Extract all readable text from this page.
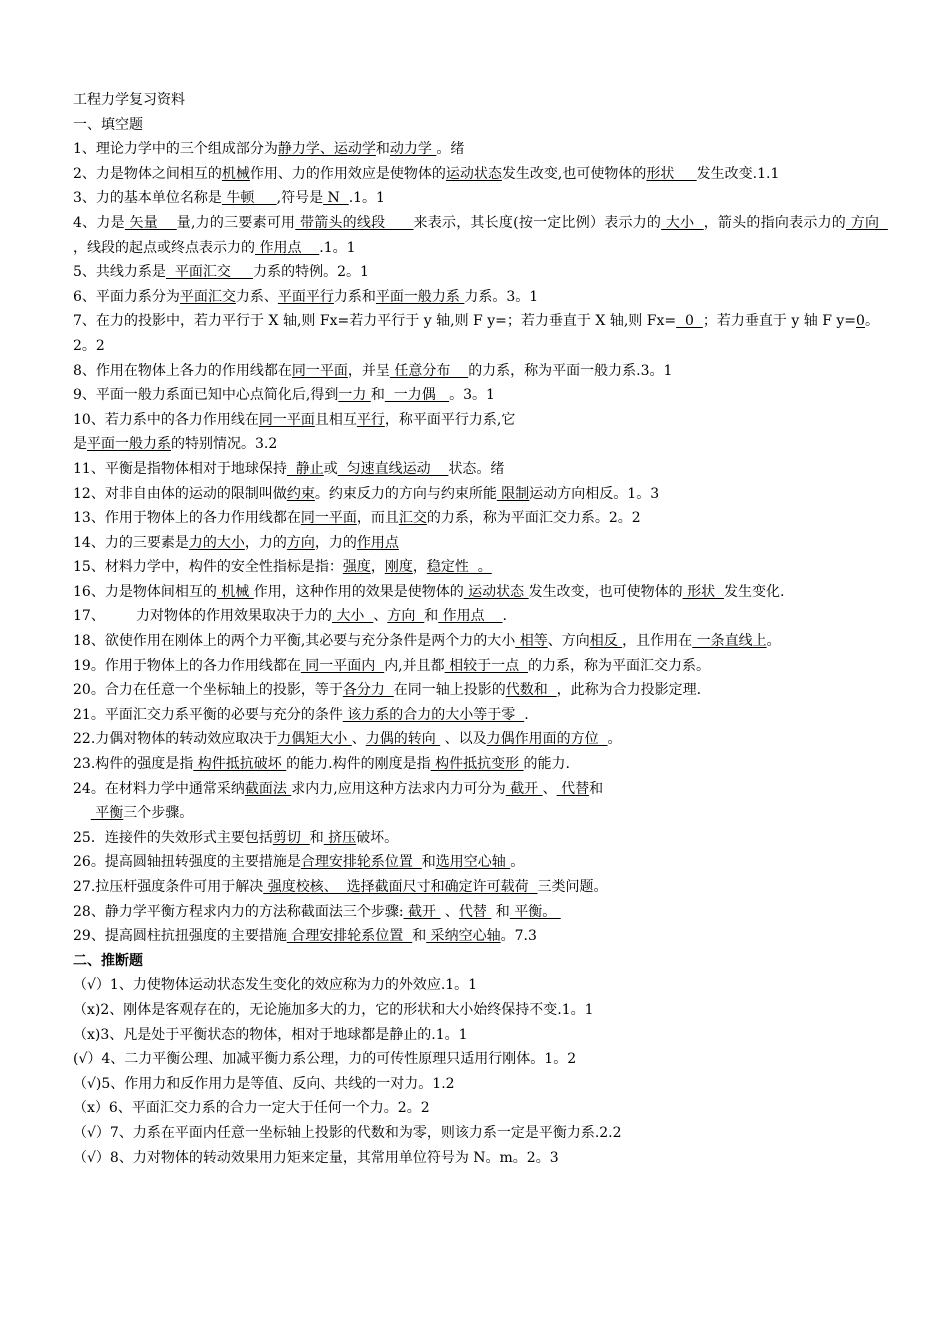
工程力学复习资料
一、填空题
1、理论力学中的三个组成部分为静力学、运动学和动力学 。绪
2、力是物体之间相互的机械作用、力的作用效应是使物体的运动状态发生改变,也可使物体的形状     发生改变.1.1
3、力的基本单位名称是 牛顿     ,符号是 N  .1。1
4、力是 矢量    量,力的三要素可用 带箭头的线段      来表示，其长度(按一定比例）表示力的 大小  ，箭头的指向表示力的 方向  ，线段的起点或终点表示力的 作用点    .1。1
5、共线力系是  平面汇交     力系的特例。2。1
6、平面力系分为平面汇交力系、平面平行力系和平面一般力系 力系。3。1
7、在力的投影中，若力平行于 X 轴,则 Fx=若力平行于 y 轴,则 F y=；若力垂直于 X 轴,则 Fx=  0  ；若力垂直于 y 轴 F y=0。2。2
8、作用在物体上各力的作用线都在同一平面，并呈 任意分布    的力系，称为平面一般力系.3。1
9、平面一般力系面已知中心点简化后,得到一力 和  一力偶   。3。1
10、若力系中的各力作用线在同一平面且相互平行，称平面平行力系,它
是平面一般力系的特别情况。3.2
11、平衡是指物体相对于地球保持  静止或  匀速直线运动    状态。绪
12、对非自由体的运动的限制叫做约束。约束反力的方向与约束所能 限制运动方向相反。1。3
13、作用于物体上的各力作用线都在同一平面，而且汇交的力系，称为平面汇交力系。2。2
14、力的三要素是力的大小，力的方向，力的作用点
15、材料力学中，构件的安全性指标是指：强度，刚度，稳定性  。
16、力是物体间相互的 机械 作用，这种作用的效果是使物体的 运动状态 发生改变，也可使物体的 形状  发生变化.
17、       力对物体的作用效果取决于力的 大小  、方向  和 作用点    .
18、欲使作用在刚体上的两个力平衡,其必要与充分条件是两个力的大小 相等、方向相反 ，且作用在 一条直线上。
19。作用于物体上的各力作用线都在 同一平面内  内,并且都 相较于一点  的力系，称为平面汇交力系。
20。合力在任意一个坐标轴上的投影，等于各分力  在同一轴上投影的代数和  ，此称为合力投影定理.
21。平面汇交力系平衡的必要与充分的条件 该力系的合力的大小等于零  .
22.力偶对物体的转动效应取决于力偶矩大小 、力偶的转向  、以及力偶作用面的方位  。
23.构件的强度是指 构件抵抗破坏 的能力.构件的刚度是指 构件抵抗变形 的能力.
24。在材料力学中通常采纳截面法 求内力,应用这种方法求内力可分为 截开 、 代替和
平衡三个步骤。
25．连接件的失效形式主要包括剪切  和 挤压破坏。
26。提高圆轴扭转强度的主要措施是合理安排轮系位置  和选用空心轴 。
27.拉压杆强度条件可用于解决 强度校核、  选择截面尺寸和确定许可载荷  三类问题。
28、静力学平衡方程求内力的方法称截面法三个步骤: 截开  、代替  和 平衡。
29、提高圆柱抗扭强度的主要措施 合理安排轮系位置  和 采纳空心轴。7.3
二、推断题
（√）1、力使物体运动状态发生变化的效应称为力的外效应.1。1
（x)2、刚体是客观存在的，无论施加多大的力，它的形状和大小始终保持不变.1。1
（x)3、凡是处于平衡状态的物体，相对于地球都是静止的.1。1
(√）4、二力平衡公理、加减平衡力系公理，力的可传性原理只适用行刚体。1。2
（√)5、作用力和反作用力是等值、反向、共线的一对力。1.2
（x）6、平面汇交力系的合力一定大于任何一个力。2。2
（√）7、力系在平面内任意一坐标轴上投影的代数和为零，则该力系一定是平衡力系.2.2
（√）8、力对物体的转动效果用力矩来定量，其常用单位符号为 N。m。2。3
